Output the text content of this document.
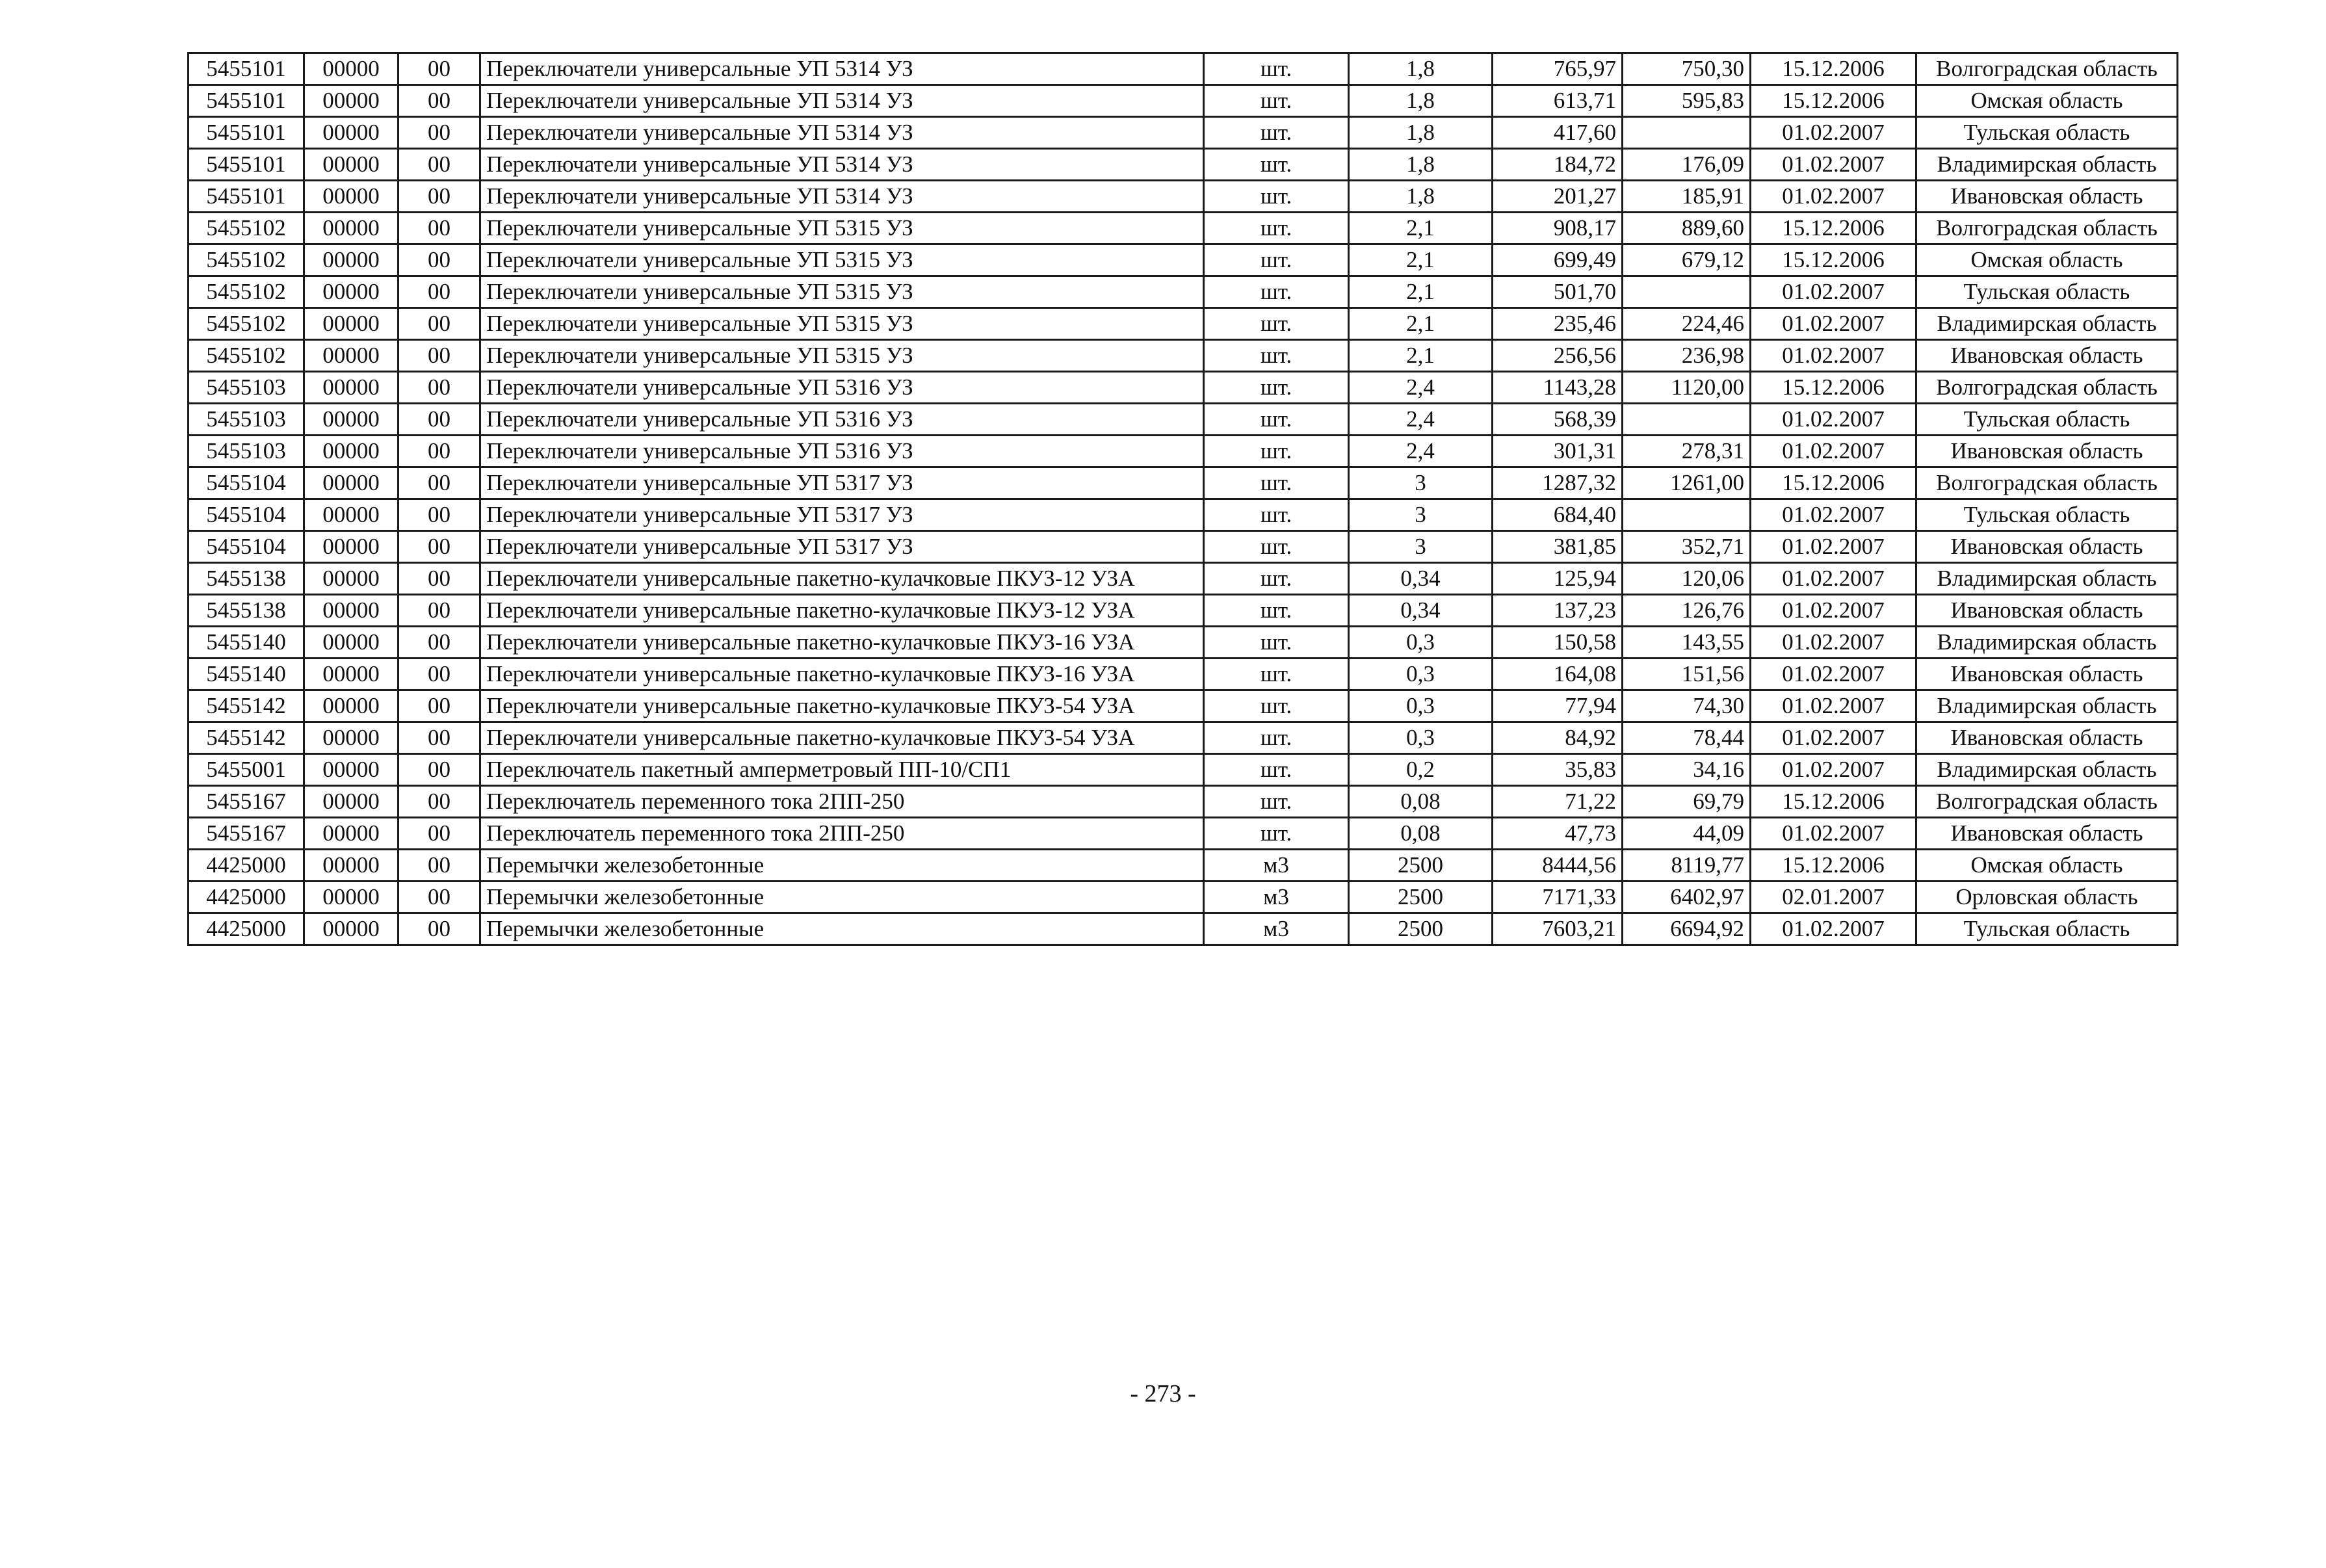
5455101	00000	00	Переключатели универсальные УП 5314 УЗ	шт.	1,8	765,97	750,30	15.12.2006	Волгоградская область
5455101	00000	00	Переключатели универсальные УП 5314 УЗ	шт.	1,8	613,71	595,83	15.12.2006	Омская область
5455101	00000	00	Переключатели универсальные УП 5314 УЗ	шт.	1,8	417,60		01.02.2007	Тульская область
5455101	00000	00	Переключатели универсальные УП 5314 УЗ	шт.	1,8	184,72	176,09	01.02.2007	Владимирская область
5455101	00000	00	Переключатели универсальные УП 5314 УЗ	шт.	1,8	201,27	185,91	01.02.2007	Ивановская область
5455102	00000	00	Переключатели универсальные УП 5315 УЗ	шт.	2,1	908,17	889,60	15.12.2006	Волгоградская область
5455102	00000	00	Переключатели универсальные УП 5315 УЗ	шт.	2,1	699,49	679,12	15.12.2006	Омская область
5455102	00000	00	Переключатели универсальные УП 5315 УЗ	шт.	2,1	501,70		01.02.2007	Тульская область
5455102	00000	00	Переключатели универсальные УП 5315 УЗ	шт.	2,1	235,46	224,46	01.02.2007	Владимирская область
5455102	00000	00	Переключатели универсальные УП 5315 УЗ	шт.	2,1	256,56	236,98	01.02.2007	Ивановская область
5455103	00000	00	Переключатели универсальные УП 5316 УЗ	шт.	2,4	1143,28	1120,00	15.12.2006	Волгоградская область
5455103	00000	00	Переключатели универсальные УП 5316 УЗ	шт.	2,4	568,39		01.02.2007	Тульская область
5455103	00000	00	Переключатели универсальные УП 5316 УЗ	шт.	2,4	301,31	278,31	01.02.2007	Ивановская область
5455104	00000	00	Переключатели универсальные УП 5317 УЗ	шт.	3	1287,32	1261,00	15.12.2006	Волгоградская область
5455104	00000	00	Переключатели универсальные УП 5317 УЗ	шт.	3	684,40		01.02.2007	Тульская область
5455104	00000	00	Переключатели универсальные УП 5317 УЗ	шт.	3	381,85	352,71	01.02.2007	Ивановская область
5455138	00000	00	Переключатели универсальные пакетно-кулачковые ПКУЗ-12 УЗА	шт.	0,34	125,94	120,06	01.02.2007	Владимирская область
5455138	00000	00	Переключатели универсальные пакетно-кулачковые ПКУЗ-12 УЗА	шт.	0,34	137,23	126,76	01.02.2007	Ивановская область
5455140	00000	00	Переключатели универсальные пакетно-кулачковые ПКУЗ-16 УЗА	шт.	0,3	150,58	143,55	01.02.2007	Владимирская область
5455140	00000	00	Переключатели универсальные пакетно-кулачковые ПКУЗ-16 УЗА	шт.	0,3	164,08	151,56	01.02.2007	Ивановская область
5455142	00000	00	Переключатели универсальные пакетно-кулачковые ПКУЗ-54 УЗА	шт.	0,3	77,94	74,30	01.02.2007	Владимирская область
5455142	00000	00	Переключатели универсальные пакетно-кулачковые ПКУЗ-54 УЗА	шт.	0,3	84,92	78,44	01.02.2007	Ивановская область
5455001	00000	00	Переключатель пакетный амперметровый ПП-10/СП1	шт.	0,2	35,83	34,16	01.02.2007	Владимирская область
5455167	00000	00	Переключатель переменного тока 2ПП-250	шт.	0,08	71,22	69,79	15.12.2006	Волгоградская область
5455167	00000	00	Переключатель переменного тока 2ПП-250	шт.	0,08	47,73	44,09	01.02.2007	Ивановская область
4425000	00000	00	Перемычки железобетонные	м3	2500	8444,56	8119,77	15.12.2006	Омская область
4425000	00000	00	Перемычки железобетонные	м3	2500	7171,33	6402,97	02.01.2007	Орловская область
4425000	00000	00	Перемычки железобетонные	м3	2500	7603,21	6694,92	01.02.2007	Тульская область
- 273 -
